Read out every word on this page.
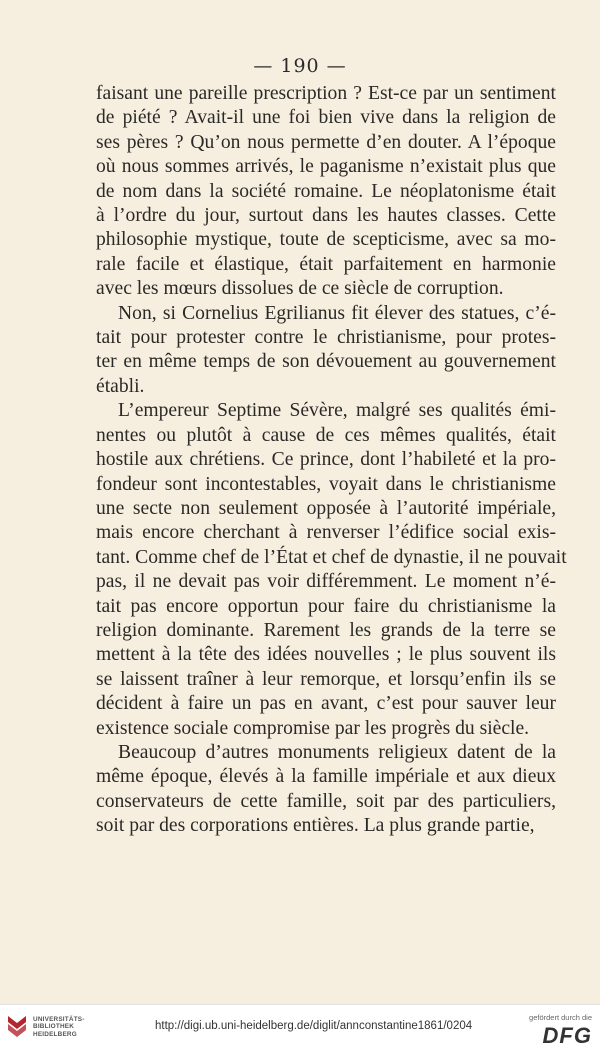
— 190 —

faisant une pareille prescription ? Est-ce par un sentiment
de piété ? Avait-il une foi bien vive dans la religion de
ses pères ? Qu’on nous permette d’en douter. A l’époque
où nous sommes arrivés, le paganisme n’existait plus que
de nom dans la société romaine. Le néoplatonisme était
à l’ordre du jour, surtout dans les hautes classes. Cette
philosophie mystique, toute de scepticisme, avec sa mo-
rale facile et élastique, était parfaitement en harmonie
avec les mœurs dissolues de ce siècle de corruption.

Non, si Cornelius Egrilianus fit élever des statues, c’é-
tait pour protester contre le christianisme, pour protes-
ter en même temps de son dévouement au gouvernement
établi.

L’empereur Septime Sévère, malgré ses qualités émi-
nentes ou plutôt à cause de ces mêmes qualités, était
hostile aux chrétiens. Ce prince, dont l’habileté et la pro-
fondeur sont incontestables, voyait dans le christianisme
une secte non seulement opposée à l’autorité impériale,
mais encore cherchant à renverser l’édifice social exis-
tant. Comme chef de l’État et chef de dynastie, il ne pouvait
pas, il ne devait pas voir différemment. Le moment n’é-
tait pas encore opportun pour faire du christianisme la
religion dominante. Rarement les grands de la terre se
mettent à la tête des idées nouvelles ; le plus souvent ils
se laissent traîner à leur remorque, et lorsqu’enfin ils se
décident à faire un pas en avant, c’est pour sauver leur
existence sociale compromise par les progrès du siècle.

Beaucoup d’autres monuments religieux datent de la
même époque, élevés à la famille impériale et aux dieux
conservateurs de cette famille, soit par des particuliers,
soit par des corporations entières. La plus grande partie,

UNIVERSITÄTS-
BIBLIOTHEK
HEIDELBERG
http://digi.ub.uni-heidelberg.de/diglit/annconstantine1861/0204
gefördert durch die
DFG
